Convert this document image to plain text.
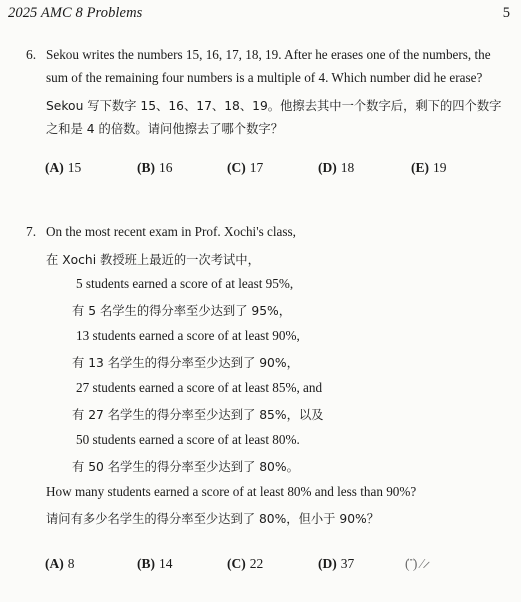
2025 AMC 8 Problems	5
6. Sekou writes the numbers 15, 16, 17, 18, 19. After he erases one of the numbers, the
sum of the remaining four numbers is a multiple of 4. Which number did he erase?
Sekou 写下数字 15、16、17、18、19。他擦去其中一个数字后，剩下的四个数字
之和是 4 的倍数。请问他擦去了哪个数字？
(A) 15	(B) 16	(C) 17	(D) 18	(E) 19
7. On the most recent exam in Prof. Xochi's class,
在 Xochi 教授班上最近的一次考试中，
5 students earned a score of at least 95%,
有 5 名学生的得分率至少达到了 95%，
13 students earned a score of at least 90%,
有 13 名学生的得分率至少达到了 90%，
27 students earned a score of at least 85%, and
有 27 名学生的得分率至少达到了 85%，以及
50 students earned a score of at least 80%.
有 50 名学生的得分率至少达到了 80%。
How many students earned a score of at least 80% and less than 90%?
请问有多少名学生的得分率至少达到了 80%，但小于 90%？
(A) 8	(B) 14	(C) 22	(D) 37	(̈ ̈) ⁄ ̷
